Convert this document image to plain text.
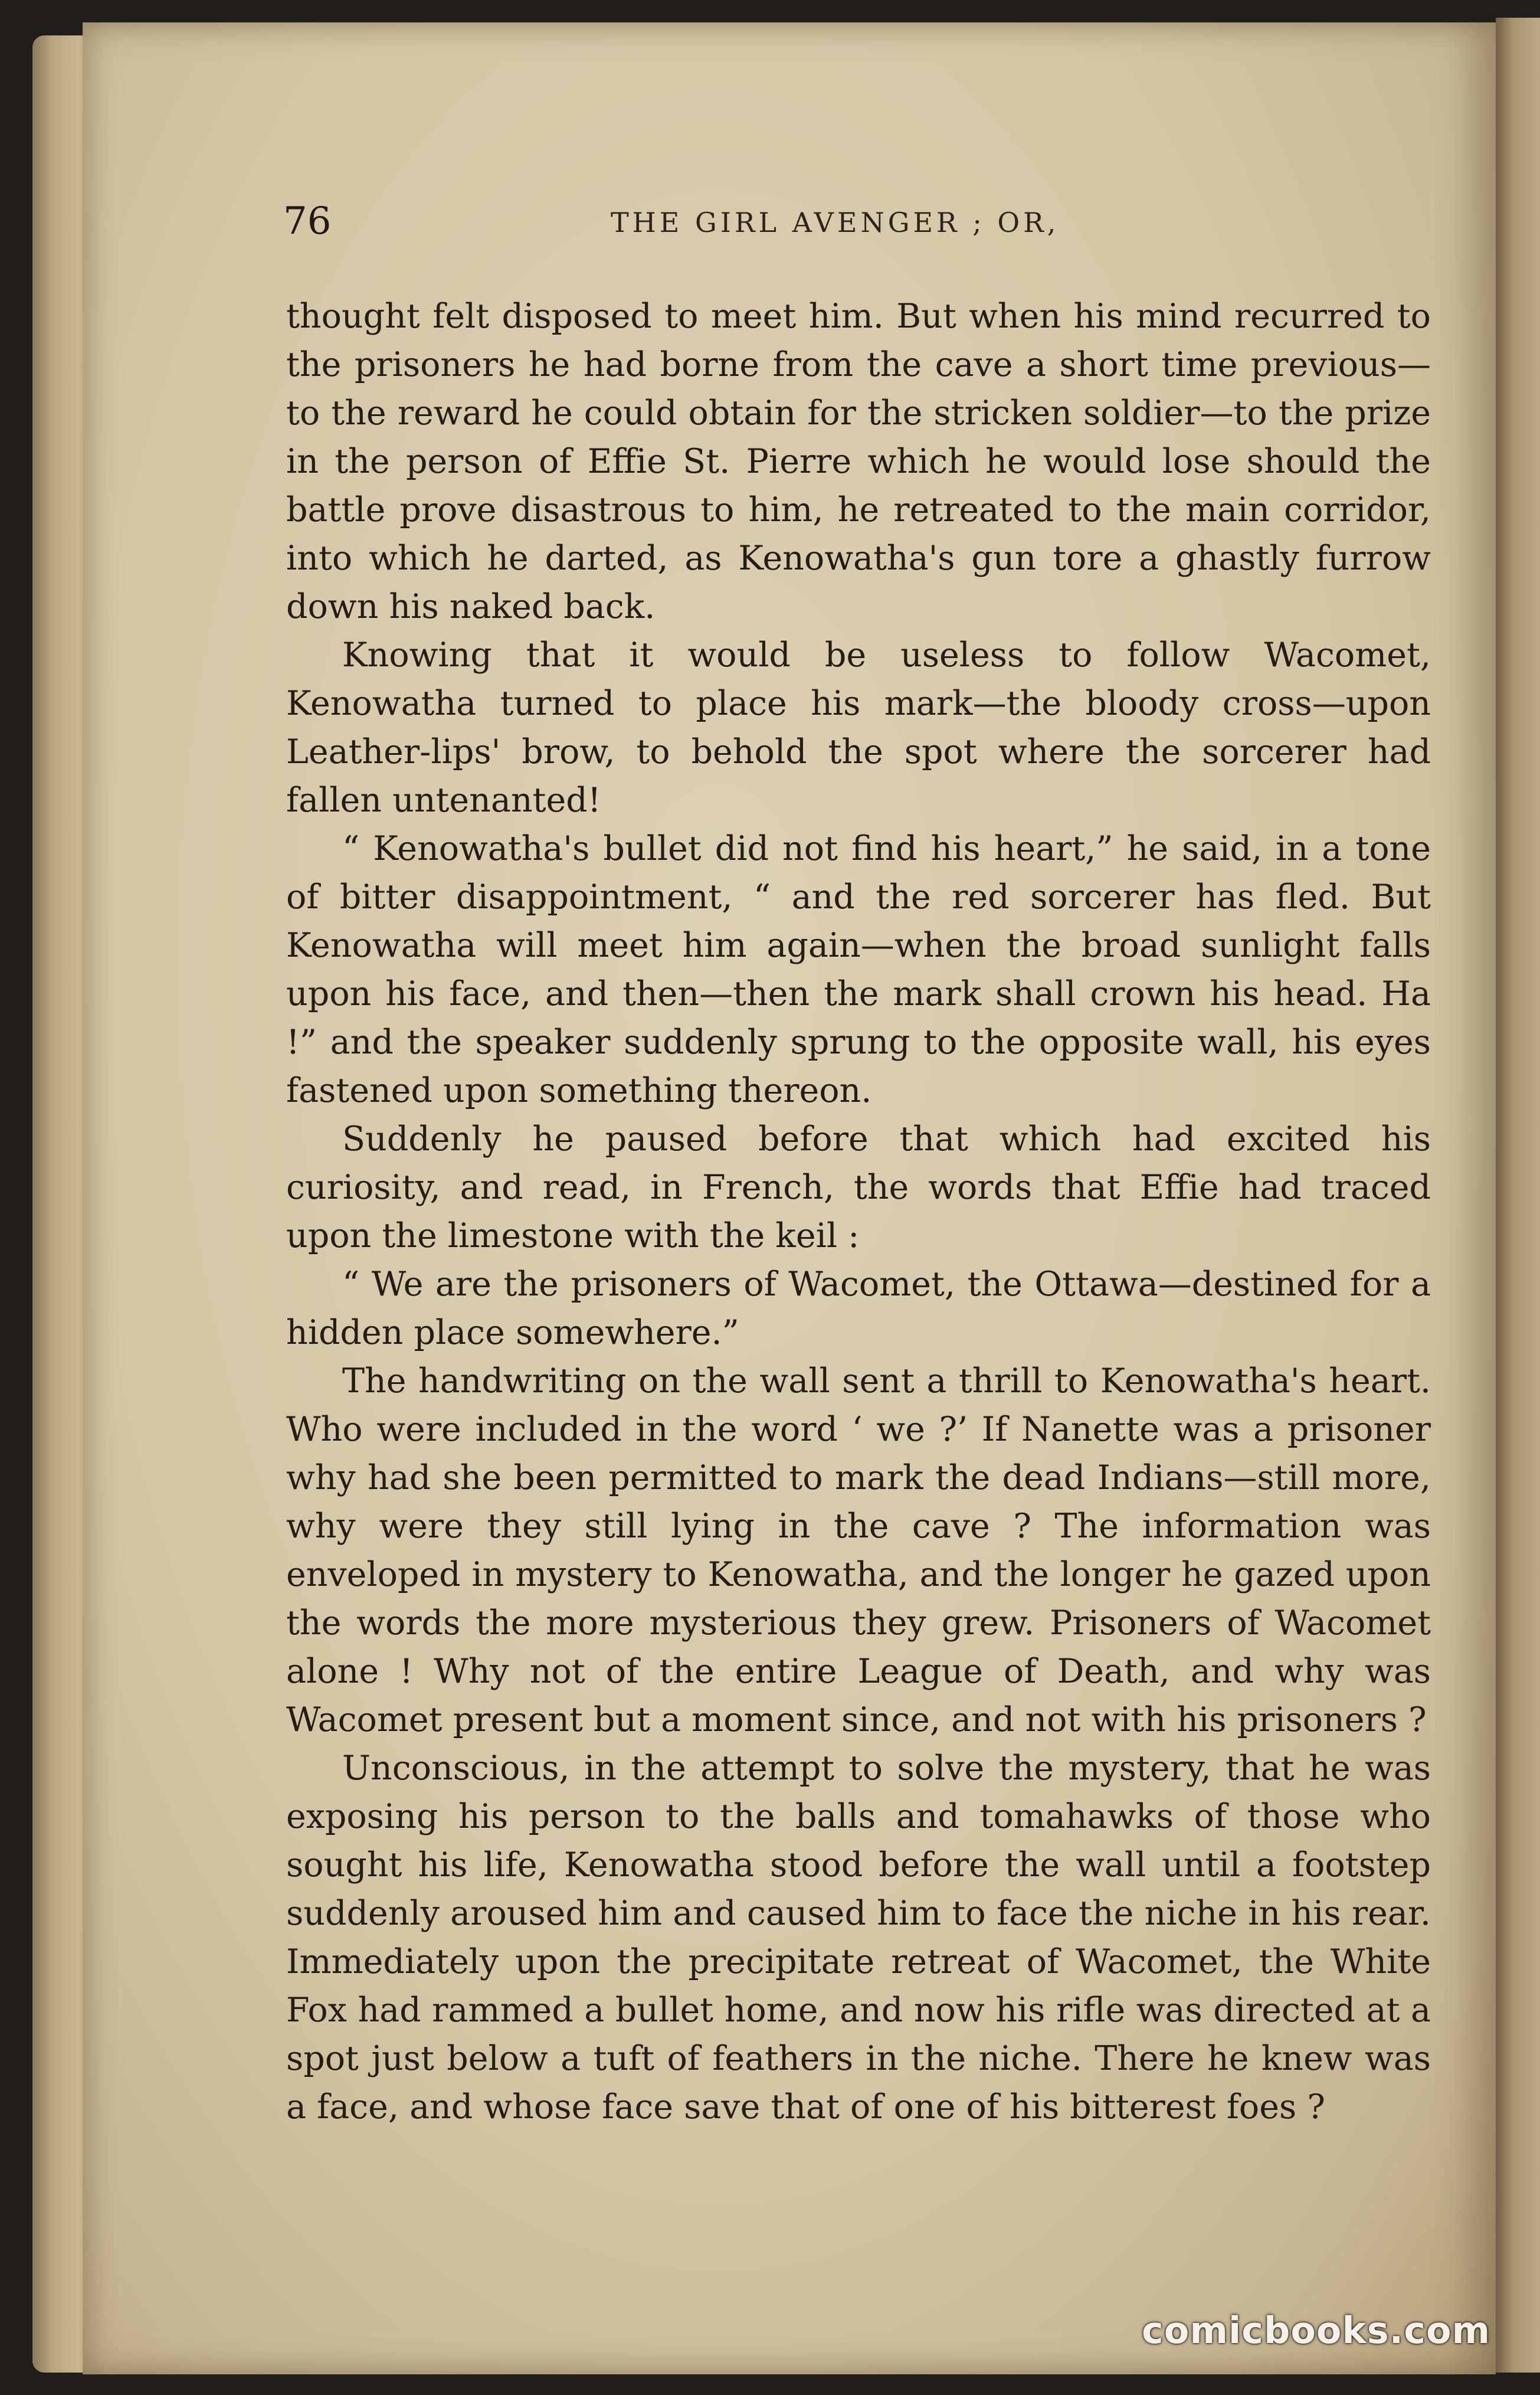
76	THE GIRL AVENGER ; OR,

thought felt disposed to meet him. But when his mind recurred to the prisoners he had borne from the cave a short time previous—to the reward he could obtain for the stricken soldier—to the prize in the person of Effie St. Pierre which he would lose should the battle prove disastrous to him, he retreated to the main corridor, into which he darted, as Kenowatha's gun tore a ghastly furrow down his naked back.

Knowing that it would be useless to follow Wacomet, Kenowatha turned to place his mark—the bloody cross—upon Leather-lips' brow, to behold the spot where the sorcerer had fallen untenanted!

“ Kenowatha's bullet did not find his heart,” he said, in a tone of bitter disappointment, “ and the red sorcerer has fled. But Kenowatha will meet him again—when the broad sunlight falls upon his face, and then—then the mark shall crown his head. Ha !” and the speaker suddenly sprung to the opposite wall, his eyes fastened upon something thereon.

Suddenly he paused before that which had excited his curiosity, and read, in French, the words that Effie had traced upon the limestone with the keil :

“ We are the prisoners of Wacomet, the Ottawa—destined for a hidden place somewhere.”

The handwriting on the wall sent a thrill to Kenowatha's heart. Who were included in the word ‘ we ?’ If Nanette was a prisoner why had she been permitted to mark the dead Indians—still more, why were they still lying in the cave ? The information was enveloped in mystery to Kenowatha, and the longer he gazed upon the words the more mysterious they grew. Prisoners of Wacomet alone ! Why not of the entire League of Death, and why was Wacomet present but a moment since, and not with his prisoners ?

Unconscious, in the attempt to solve the mystery, that he was exposing his person to the balls and tomahawks of those who sought his life, Kenowatha stood before the wall until a footstep suddenly aroused him and caused him to face the niche in his rear. Immediately upon the precipitate retreat of Wacomet, the White Fox had rammed a bullet home, and now his rifle was directed at a spot just below a tuft of feathers in the niche. There he knew was a face, and whose face save that of one of his bitterest foes ?

comicbooks.com
